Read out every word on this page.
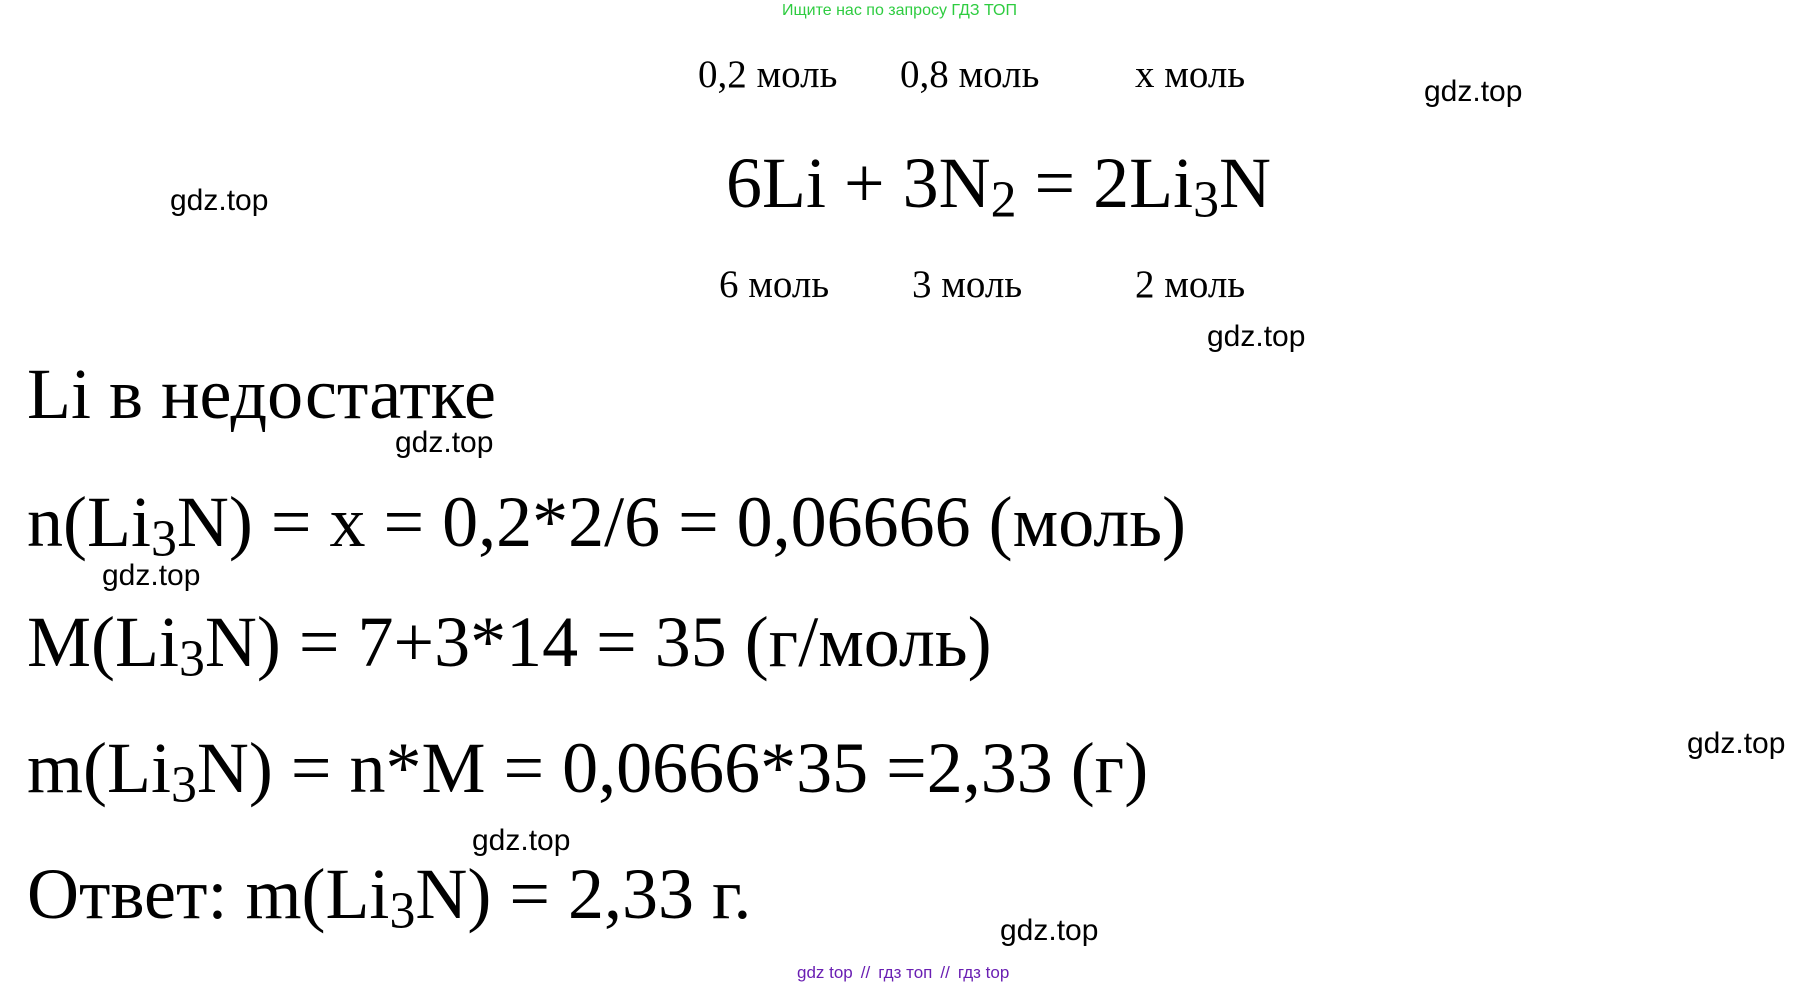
Ищите нас по запросу ГДЗ ТОП
0,2 моль 0,8 моль x моль
6Li + 3N2 = 2Li3N
6 моль 3 моль	2 моль
Li в недостатке
n(Li3N) = x = 0,2*2/6 = 0,06666 (моль)
M(Li3N) = 7+3*14 = 35 (г/моль)
m(Li3N) = n*M = 0,0666*35 =2,33 (г)
Ответ: m(Li3N) = 2,33 г.
gdz.top
gdz.top
gdz.top
gdz.top
gdz.top
gdz.top
gdz.top
gdz.top
gdz top // гдз топ // гдз top
